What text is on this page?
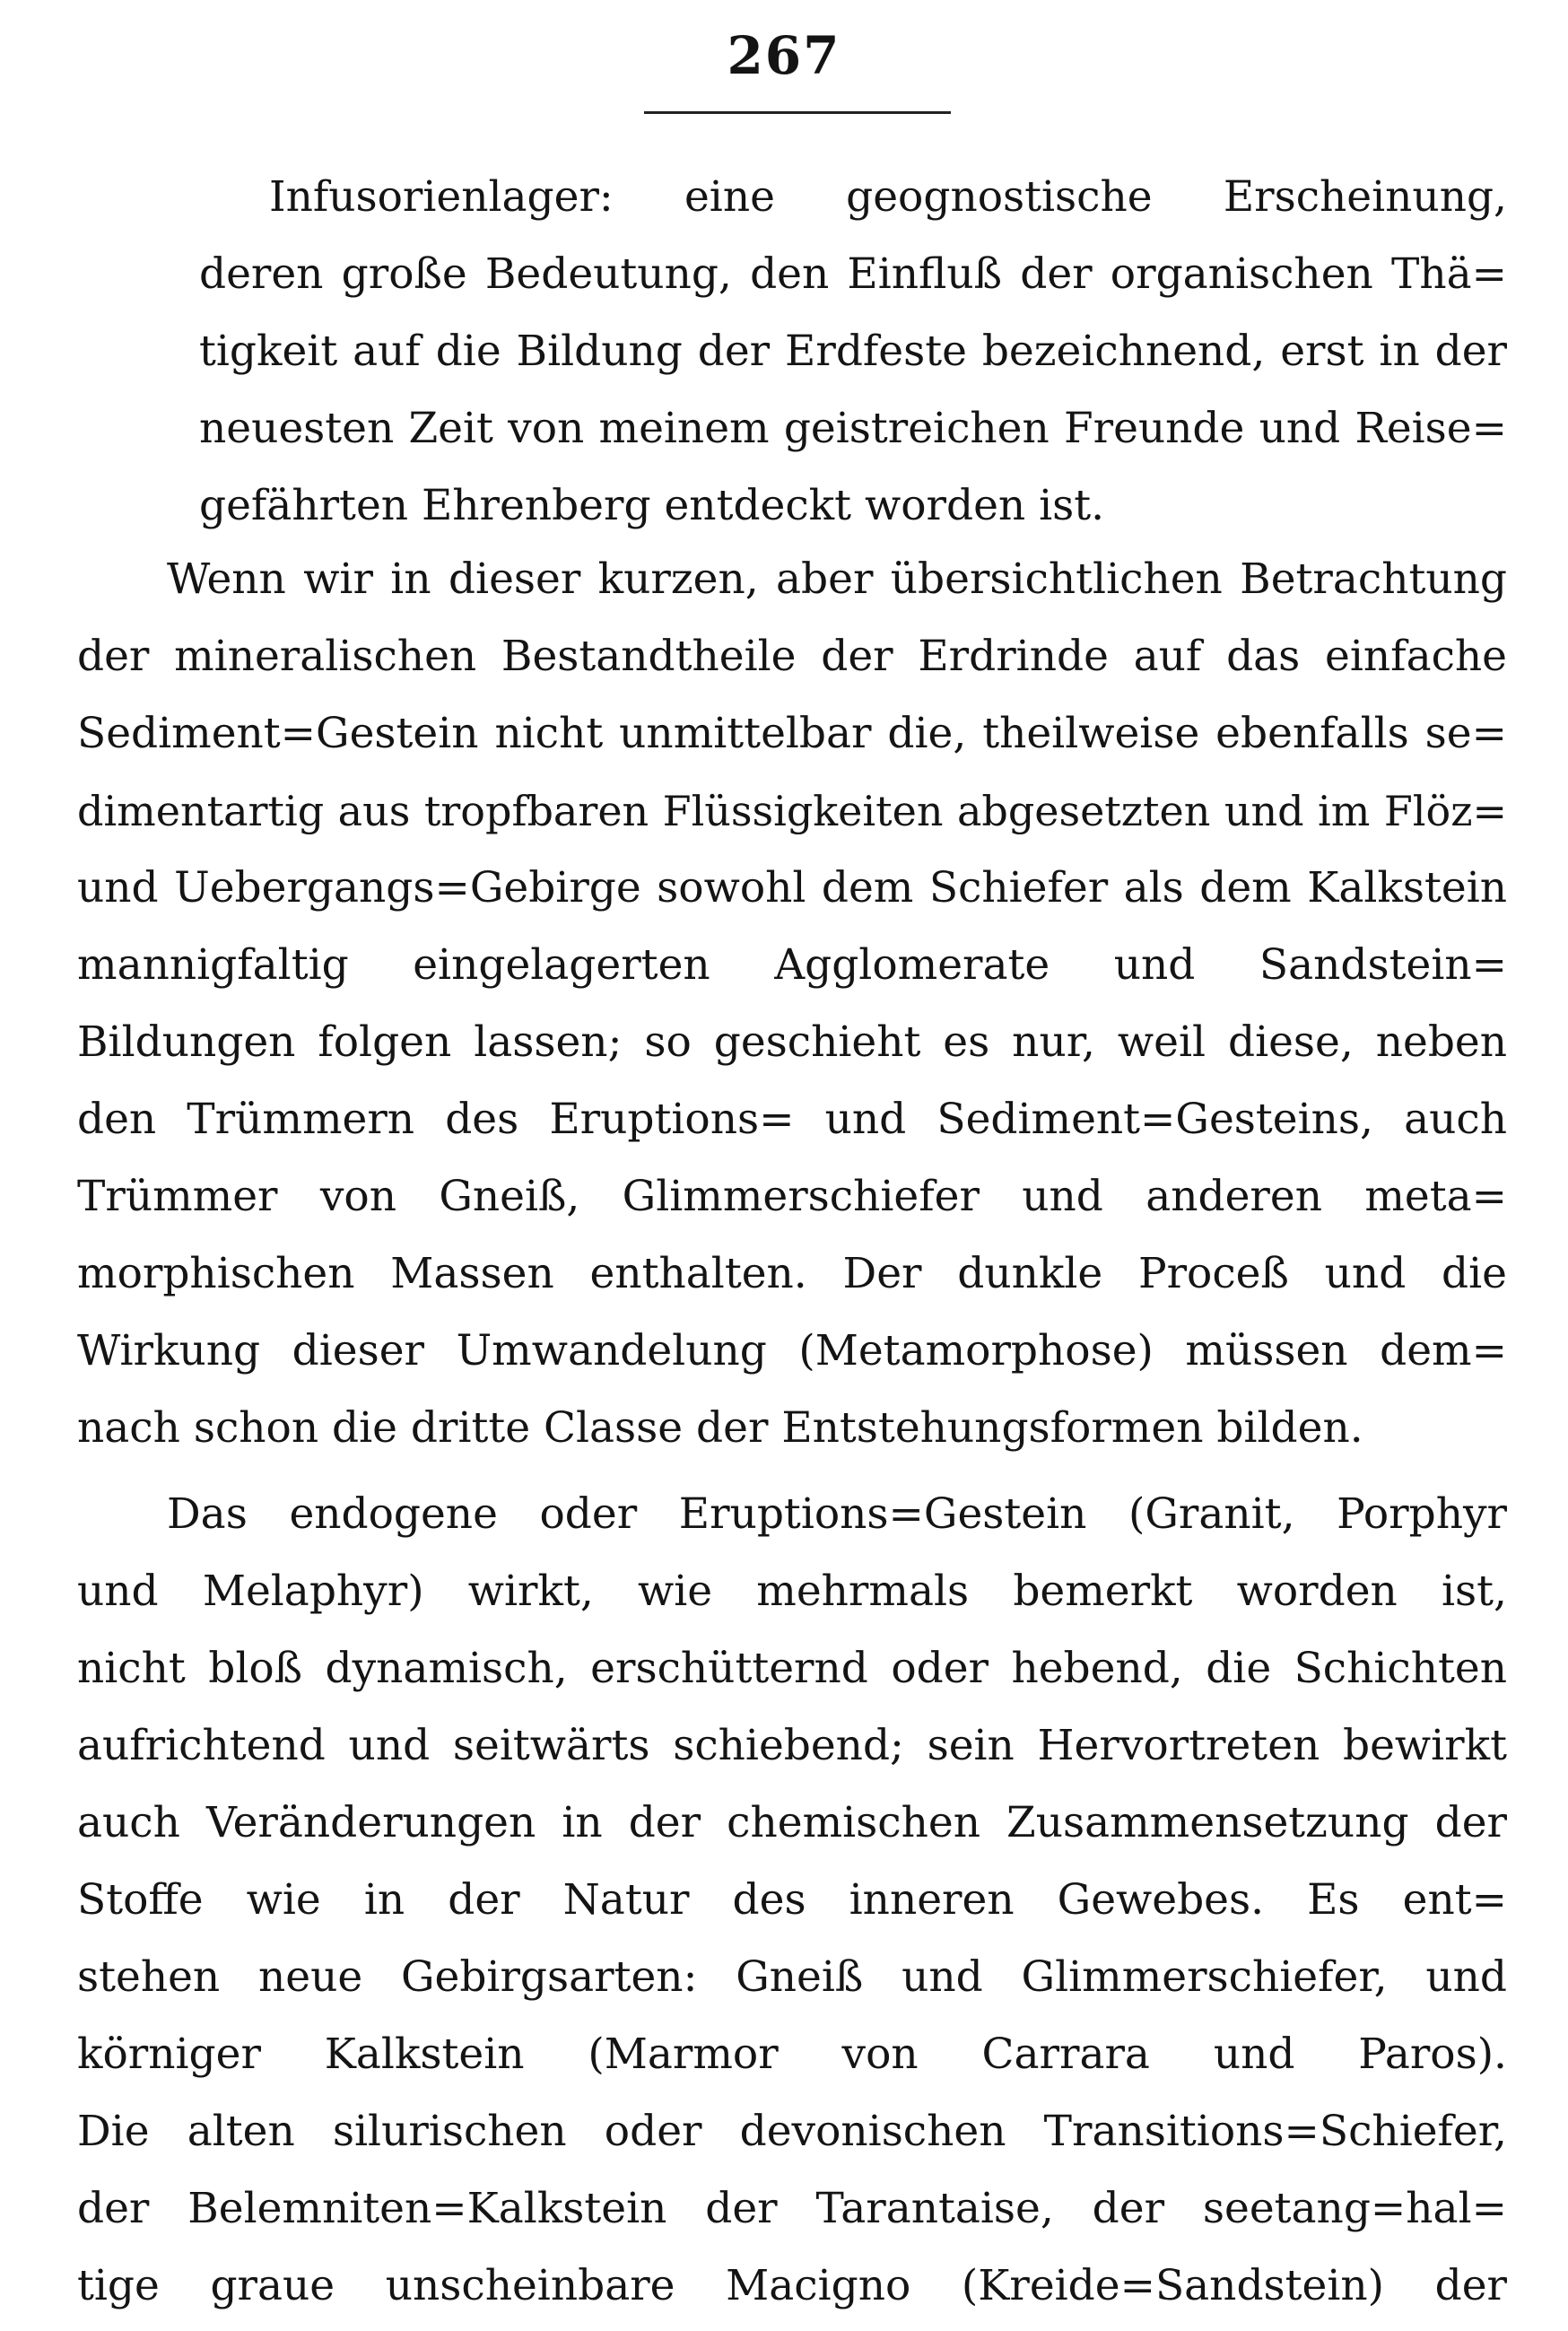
267
Infusorienlager: eine geognostische Erscheinung,
deren große Bedeutung, den Einfluß der organischen Thä=
tigkeit auf die Bildung der Erdfeste bezeichnend, erst in der
neuesten Zeit von meinem geistreichen Freunde und Reise=
gefährten Ehrenberg entdeckt worden ist.
Wenn wir in dieser kurzen, aber übersichtlichen Betrachtung
der mineralischen Bestandtheile der Erdrinde auf das einfache
Sediment=Gestein nicht unmittelbar die, theilweise ebenfalls se=
dimentartig aus tropfbaren Flüssigkeiten abgesetzten und im Flöz=
und Uebergangs=Gebirge sowohl dem Schiefer als dem Kalkstein
mannigfaltig eingelagerten Agglomerate und Sandstein=
Bildungen folgen lassen; so geschieht es nur, weil diese, neben
den Trümmern des Eruptions= und Sediment=Gesteins, auch
Trümmer von Gneiß, Glimmerschiefer und anderen meta=
morphischen Massen enthalten. Der dunkle Proceß und die
Wirkung dieser Umwandelung (Metamorphose) müssen dem=
nach schon die dritte Classe der Entstehungsformen bilden.
Das endogene oder Eruptions=Gestein (Granit, Porphyr
und Melaphyr) wirkt, wie mehrmals bemerkt worden ist,
nicht bloß dynamisch, erschütternd oder hebend, die Schichten
aufrichtend und seitwärts schiebend; sein Hervortreten bewirkt
auch Veränderungen in der chemischen Zusammensetzung der
Stoffe wie in der Natur des inneren Gewebes. Es ent=
stehen neue Gebirgsarten: Gneiß und Glimmerschiefer, und
körniger Kalkstein (Marmor von Carrara und Paros).
Die alten silurischen oder devonischen Transitions=Schiefer,
der Belemniten=Kalkstein der Tarantaise, der seetang=hal=
tige graue unscheinbare Macigno (Kreide=Sandstein) der
